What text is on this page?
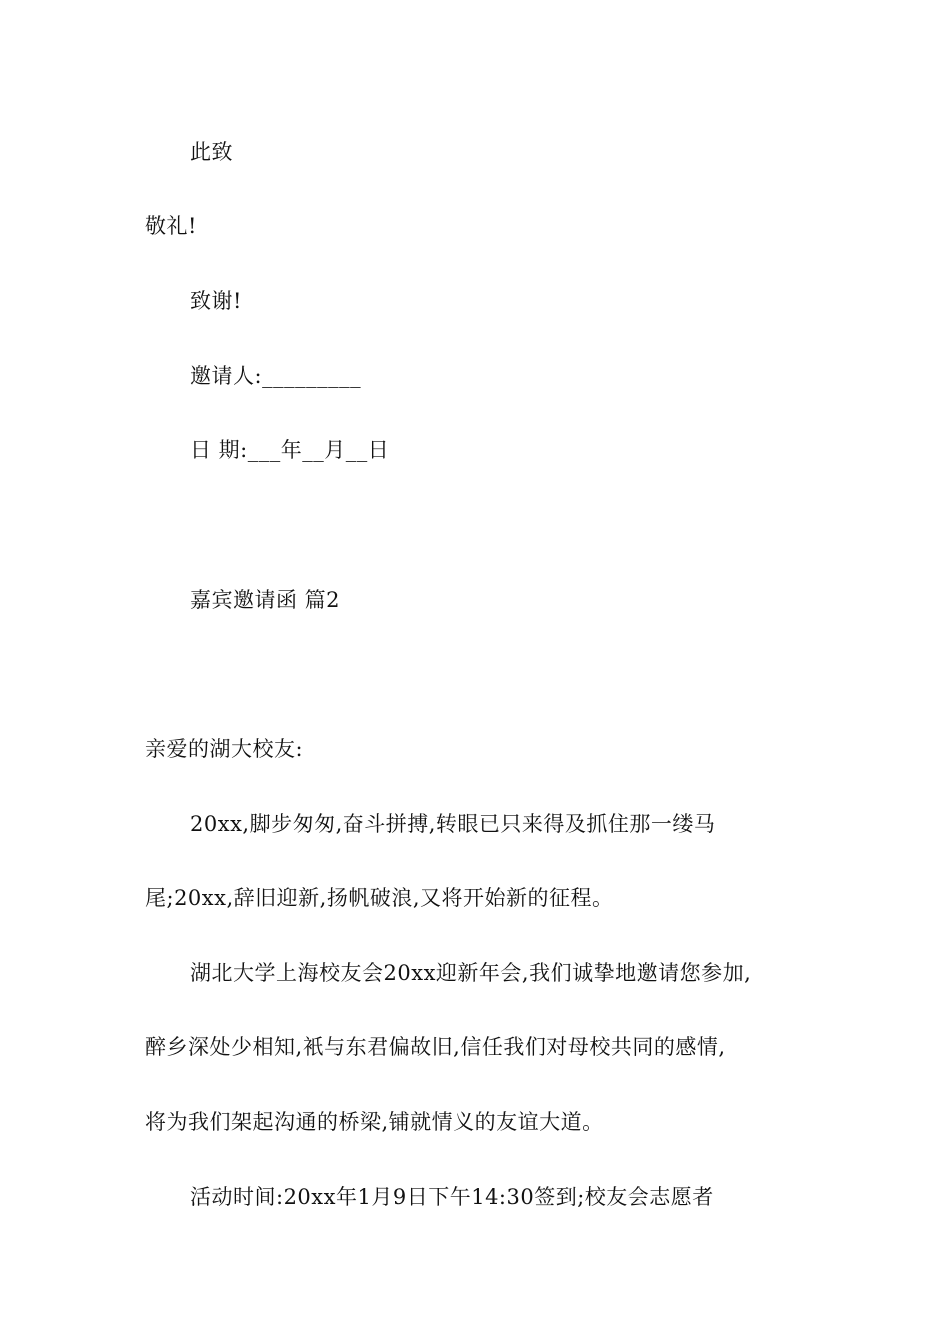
此致
敬礼!
致谢!
邀请人:_________
日 期:___年__月__日
嘉宾邀请函 篇2
亲爱的湖大校友:
20xx,脚步匆匆,奋斗拼搏,转眼已只来得及抓住那一缕马
尾;20xx,辞旧迎新,扬帆破浪,又将开始新的征程。
湖北大学上海校友会20xx迎新年会,我们诚挚地邀请您参加,
醉乡深处少相知,衹与东君偏故旧,信任我们对母校共同的感情,
将为我们架起沟通的桥梁,铺就情义的友谊大道。
活动时间:20xx年1月9日下午14:30签到;校友会志愿者
